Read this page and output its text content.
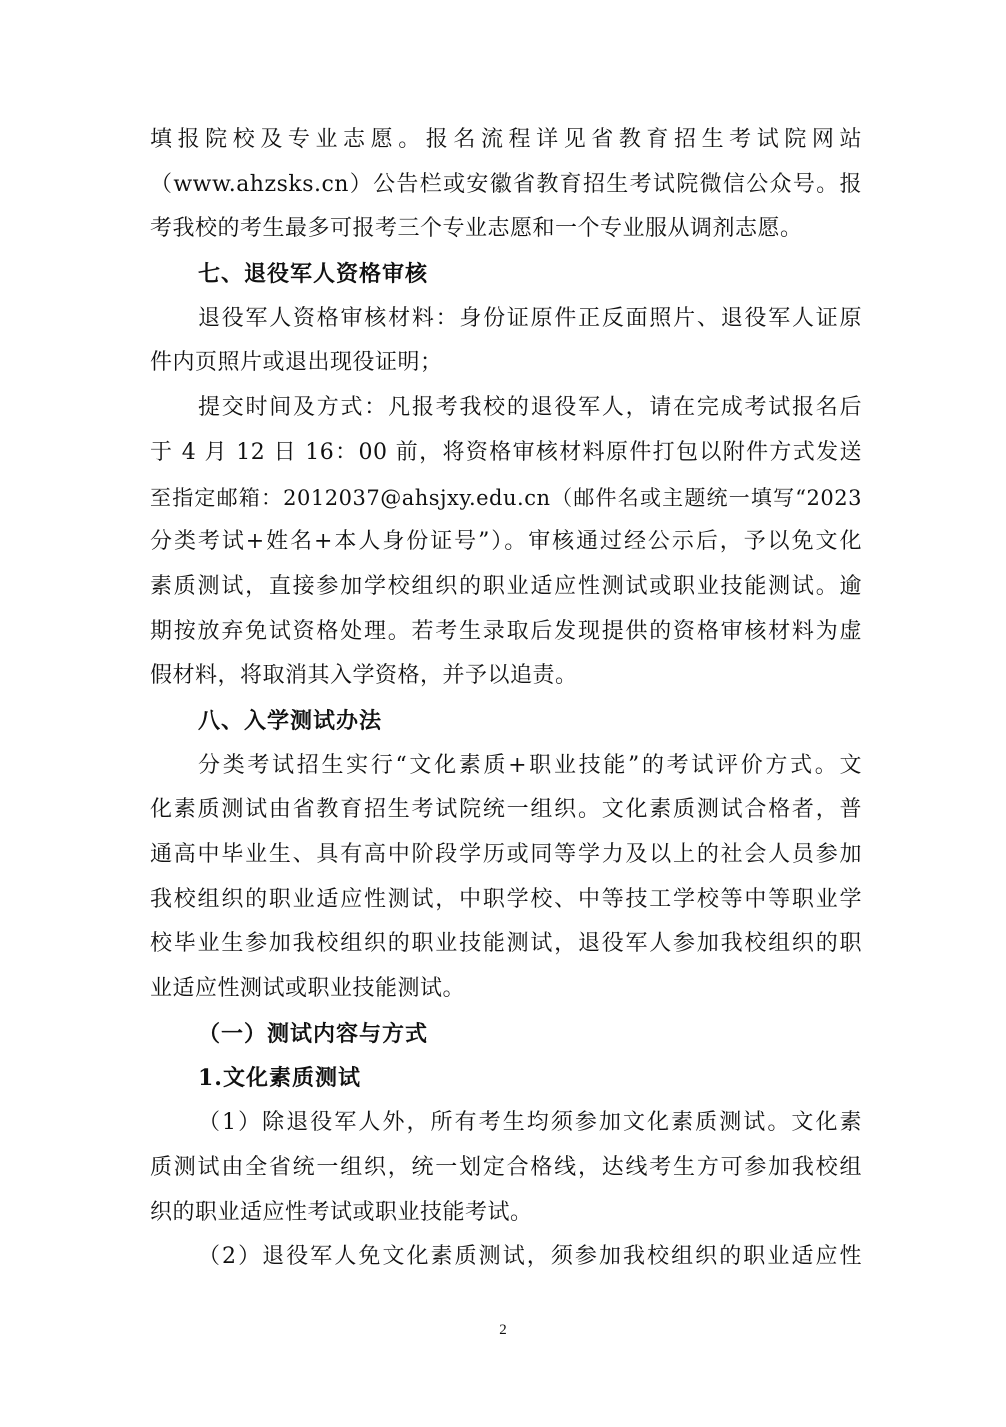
填报院校及专业志愿。报名流程详见省教育招生考试院网站
（www.ahzsks.cn）公告栏或安徽省教育招生考试院微信公众号。报
考我校的考生最多可报考三个专业志愿和一个专业服从调剂志愿。
七、退役军人资格审核
退役军人资格审核材料：身份证原件正反面照片、退役军人证原
件内页照片或退出现役证明；
提交时间及方式：凡报考我校的退役军人，请在完成考试报名后
于 4 月 12 日 16：00 前，将资格审核材料原件打包以附件方式发送
至指定邮箱：2012037@ahsjxy.edu.cn（邮件名或主题统一填写“2023
分类考试+姓名+本人身份证号”）。审核通过经公示后，予以免文化
素质测试，直接参加学校组织的职业适应性测试或职业技能测试。逾
期按放弃免试资格处理。若考生录取后发现提供的资格审核材料为虚
假材料，将取消其入学资格，并予以追责。
八、入学测试办法
分类考试招生实行“文化素质+职业技能”的考试评价方式。文
化素质测试由省教育招生考试院统一组织。文化素质测试合格者，普
通高中毕业生、具有高中阶段学历或同等学力及以上的社会人员参加
我校组织的职业适应性测试，中职学校、中等技工学校等中等职业学
校毕业生参加我校组织的职业技能测试，退役军人参加我校组织的职
业适应性测试或职业技能测试。
（一）测试内容与方式
1.文化素质测试
（1）除退役军人外，所有考生均须参加文化素质测试。文化素
质测试由全省统一组织，统一划定合格线，达线考生方可参加我校组
织的职业适应性考试或职业技能考试。
（2）退役军人免文化素质测试，须参加我校组织的职业适应性
2
